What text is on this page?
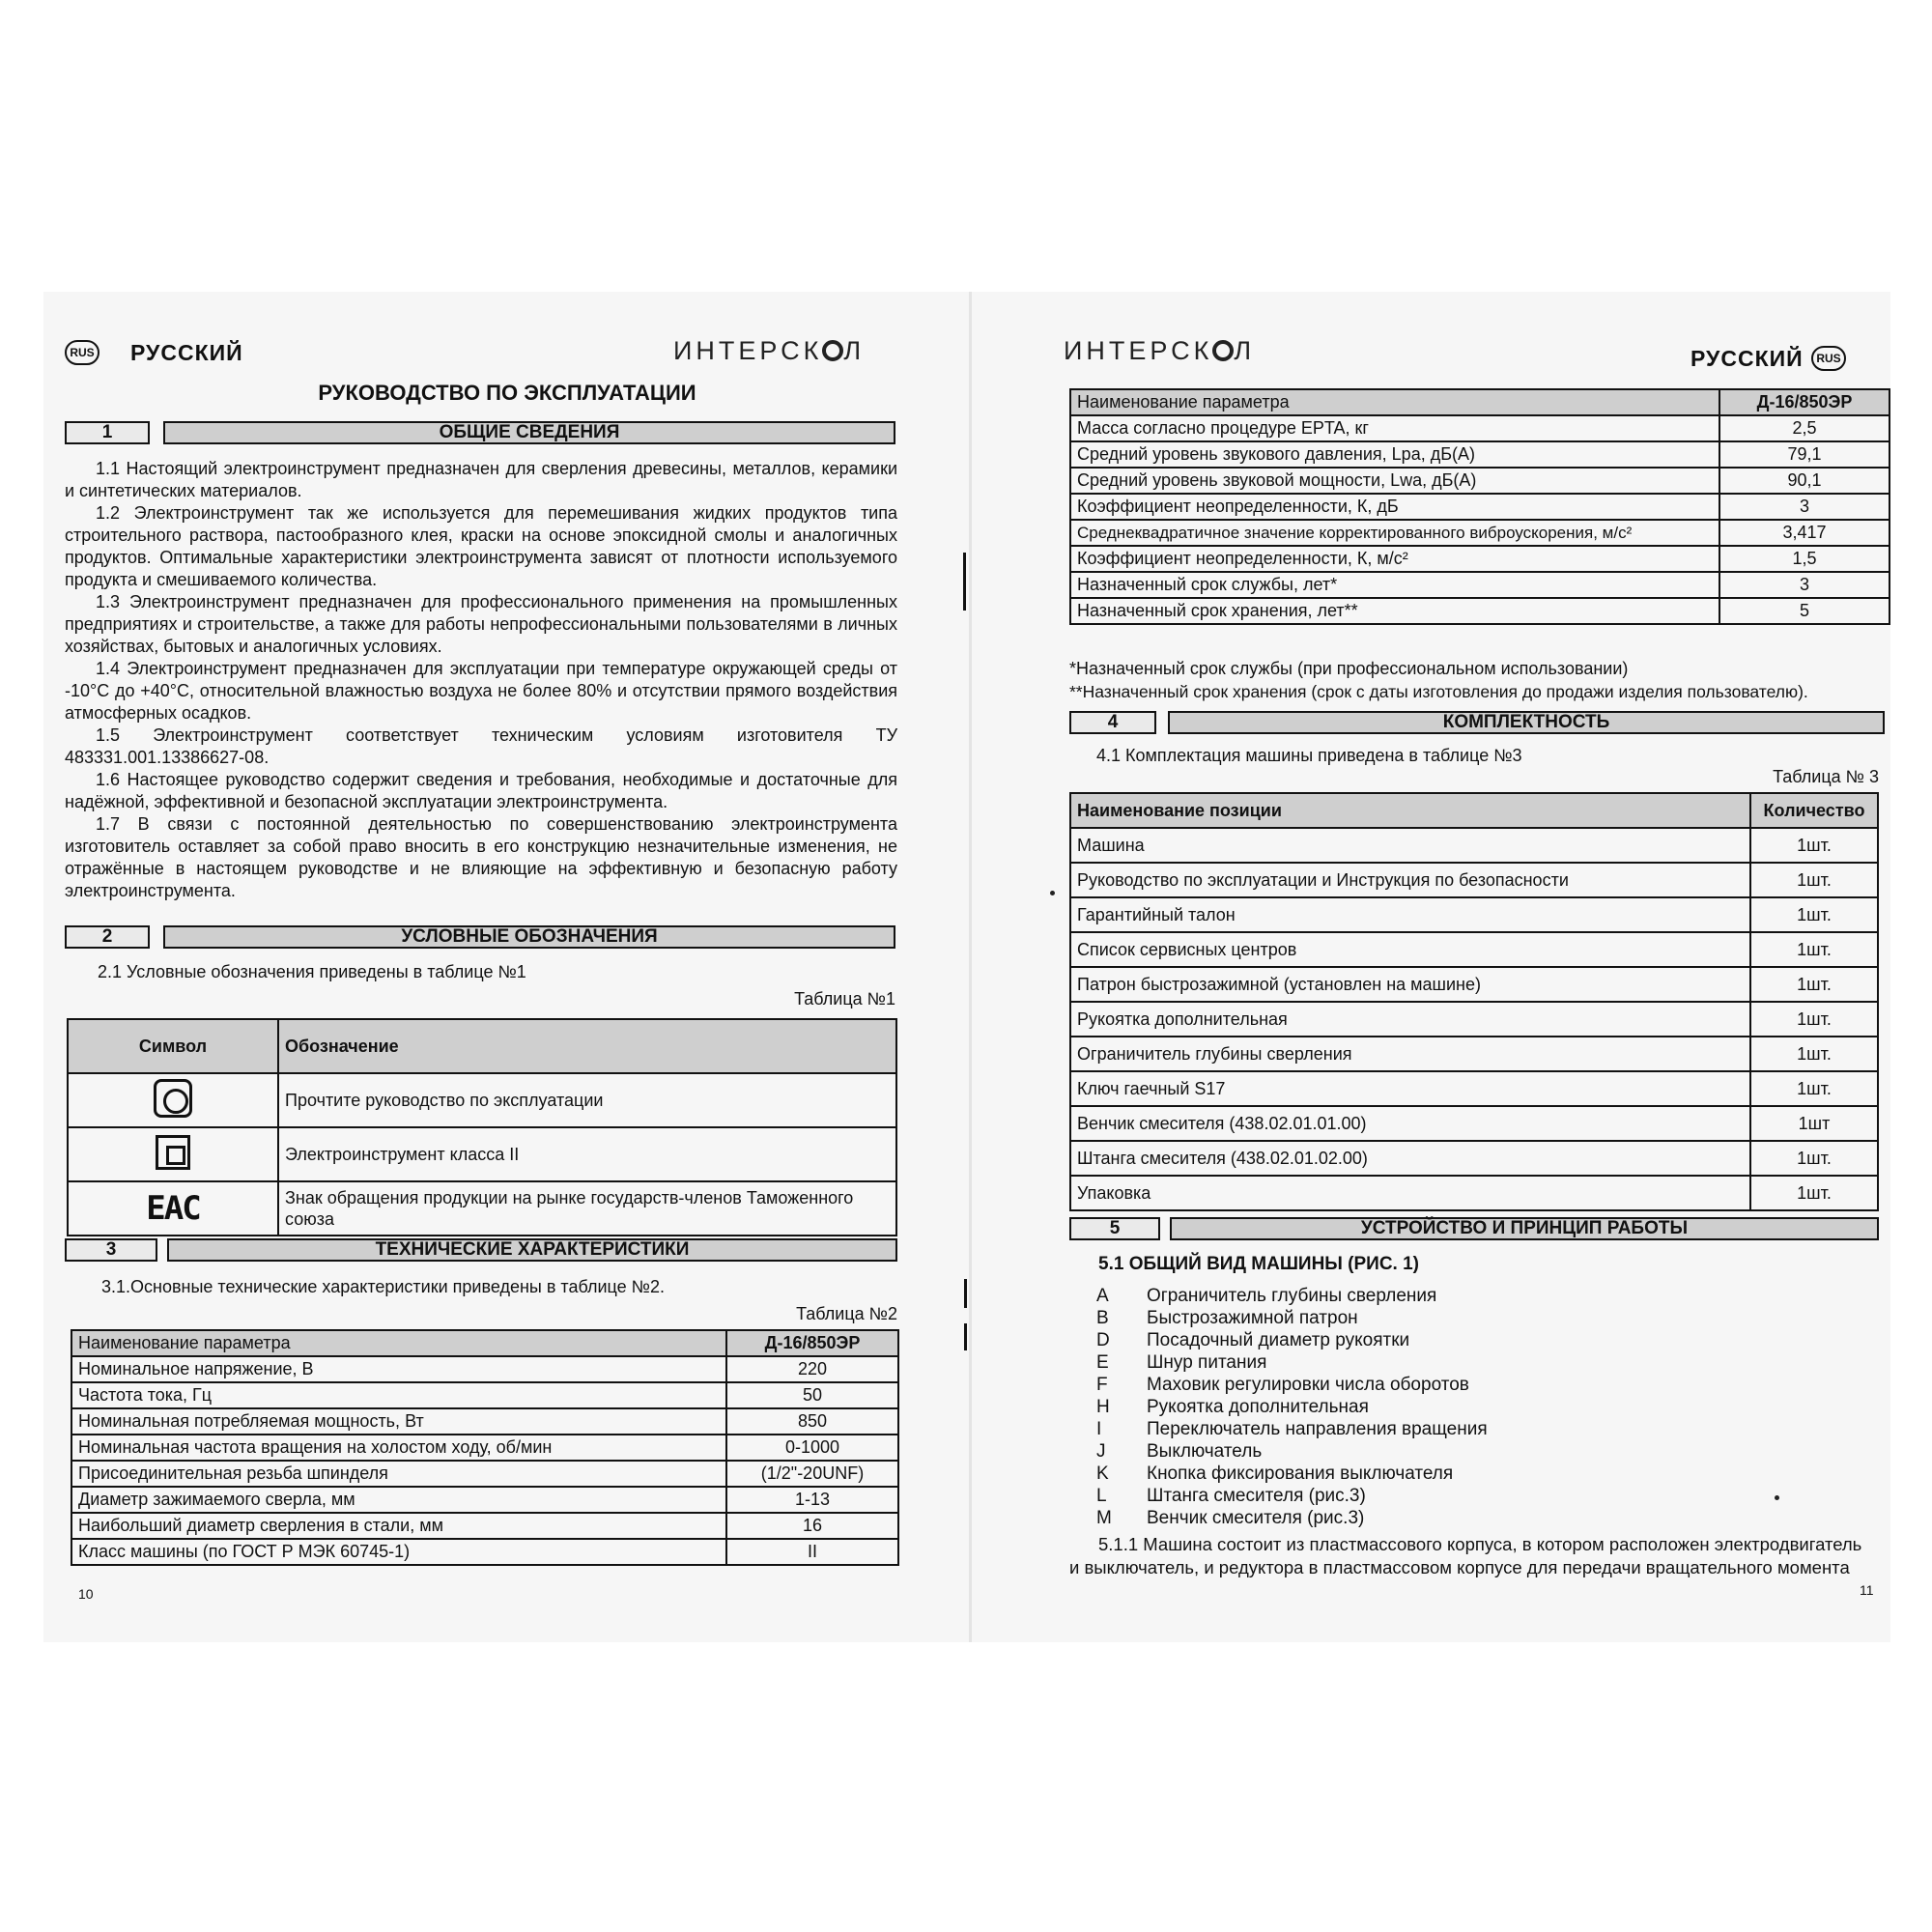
RUS РУССКИЙ	ИНТЕРСК Л
РУКОВОДСТВО ПО ЭКСПЛУАТАЦИИ
1	ОБЩИЕ СВЕДЕНИЯ

1.1 Настоящий электроинструмент предназначен для сверления древесины, металлов, керамики и синтетических материалов.

1.2 Электроинструмент так же используется для перемешивания жидких продуктов типа строительного раствора, пастообразного клея, краски на основе эпоксидной смолы и аналогичных продуктов. Оптимальные характеристики электроинструмента зависят от плотности используемого продукта и смешиваемого количества.

1.3 Электроинструмент предназначен для профессионального применения на промышленных предприятиях и строительстве, а также для работы непрофессиональными пользователями в личных хозяйствах, бытовых и аналогичных условиях.

1.4 Электроинструмент предназначен для эксплуатации при температуре окружающей среды от -10°С до +40°С, относительной влажностью воздуха не более 80% и отсутствии прямого воздействия атмосферных осадков.

1.5 Электроинструмент соответствует техническим условиям изготовителя ТУ 483331.001.13386627-08.

1.6 Настоящее руководство содержит сведения и требования, необходимые и достаточные для надёжной, эффективной и безопасной эксплуатации электроинструмента.

1.7 В связи с постоянной деятельностью по совершенствованию электроинструмента изготовитель оставляет за собой право вносить в его конструкцию незначительные изменения, не отражённые в настоящем руководстве и не влияющие на эффективную и безопасную работу электроинструмента.

2	УСЛОВНЫЕ ОБОЗНАЧЕНИЯ
2.1 Условные обозначения приведены в таблице №1
Таблица №1
Символ	Обозначение
	Прочтите руководство по эксплуатации
	Электроинструмент класса II
ЕАС	Знак обращения продукции на рынке государств-членов Таможенного союза
3	ТЕХНИЧЕСКИЕ ХАРАКТЕРИСТИКИ
3.1.Основные технические характеристики приведены в таблице №2.
Таблица №2
Наименование параметра	Д-16/850ЭР
Номинальное напряжение, В	220
Частота тока, Гц	50
Номинальная потребляемая мощность, Вт	850
Номинальная частота вращения на холостом ходу, об/мин	0-1000
Присоединительная резьба шпинделя	(1/2"-20UNF)
Диаметр зажимаемого сверла, мм	1-13
Наибольший диаметр сверления в стали, мм	16
Класс машины (по ГОСТ Р МЭК 60745-1)	II
10
ИНТЕРСК Л	РУССКИЙ	RUS
Наименование параметра	Д-16/850ЭР
Масса согласно процедуре EPTA, кг	2,5
Средний уровень звукового давления, Lpa, дБ(А)	79,1
Средний уровень звуковой мощности, Lwa, дБ(А)	90,1
Коэффициент неопределенности, К, дБ	3
Среднеквадратичное значение корректированного виброускорения, м/с²	3,417
Коэффициент неопределенности, К, м/с²	1,5
Назначенный срок службы, лет*	3
Назначенный срок хранения, лет**	5
*Назначенный срок службы (при профессиональном использовании)
**Назначенный срок хранения (срок с даты изготовления до продажи изделия пользователю).
4	КОМПЛЕКТНОСТЬ
4.1 Комплектация машины приведена в таблице №3
Таблица № 3
Наименование позиции	Количество
Машина	1шт.
Руководство по эксплуатации и Инструкция по безопасности	1шт.
Гарантийный талон	1шт.
Список сервисных центров	1шт.
Патрон быстрозажимной (установлен на машине)	1шт.
Рукоятка дополнительная	1шт.
Ограничитель глубины сверления	1шт.
Ключ гаечный S17	1шт.
Венчик смесителя (438.02.01.01.00)	1шт
Штанга смесителя (438.02.01.02.00)	1шт.
Упаковка	1шт.
5	УСТРОЙСТВО И ПРИНЦИП РАБОТЫ
5.1 ОБЩИЙ ВИД МАШИНЫ (РИС. 1)
A	Ограничитель глубины сверления
B	Быстрозажимной патрон
D	Посадочный диаметр рукоятки
E	Шнур питания
F	Маховик регулировки числа оборотов
H	Рукоятка дополнительная
I	Переключатель направления вращения
J	Выключатель
K	Кнопка фиксирования выключателя
L	Штанга смесителя (рис.3)
M	Венчик смесителя (рис.3)
5.1.1 Машина состоит из пластмассового корпуса, в котором расположен электродвигатель
и выключатель, и редуктора в пластмассовом корпусе для передачи вращательного момента
11
